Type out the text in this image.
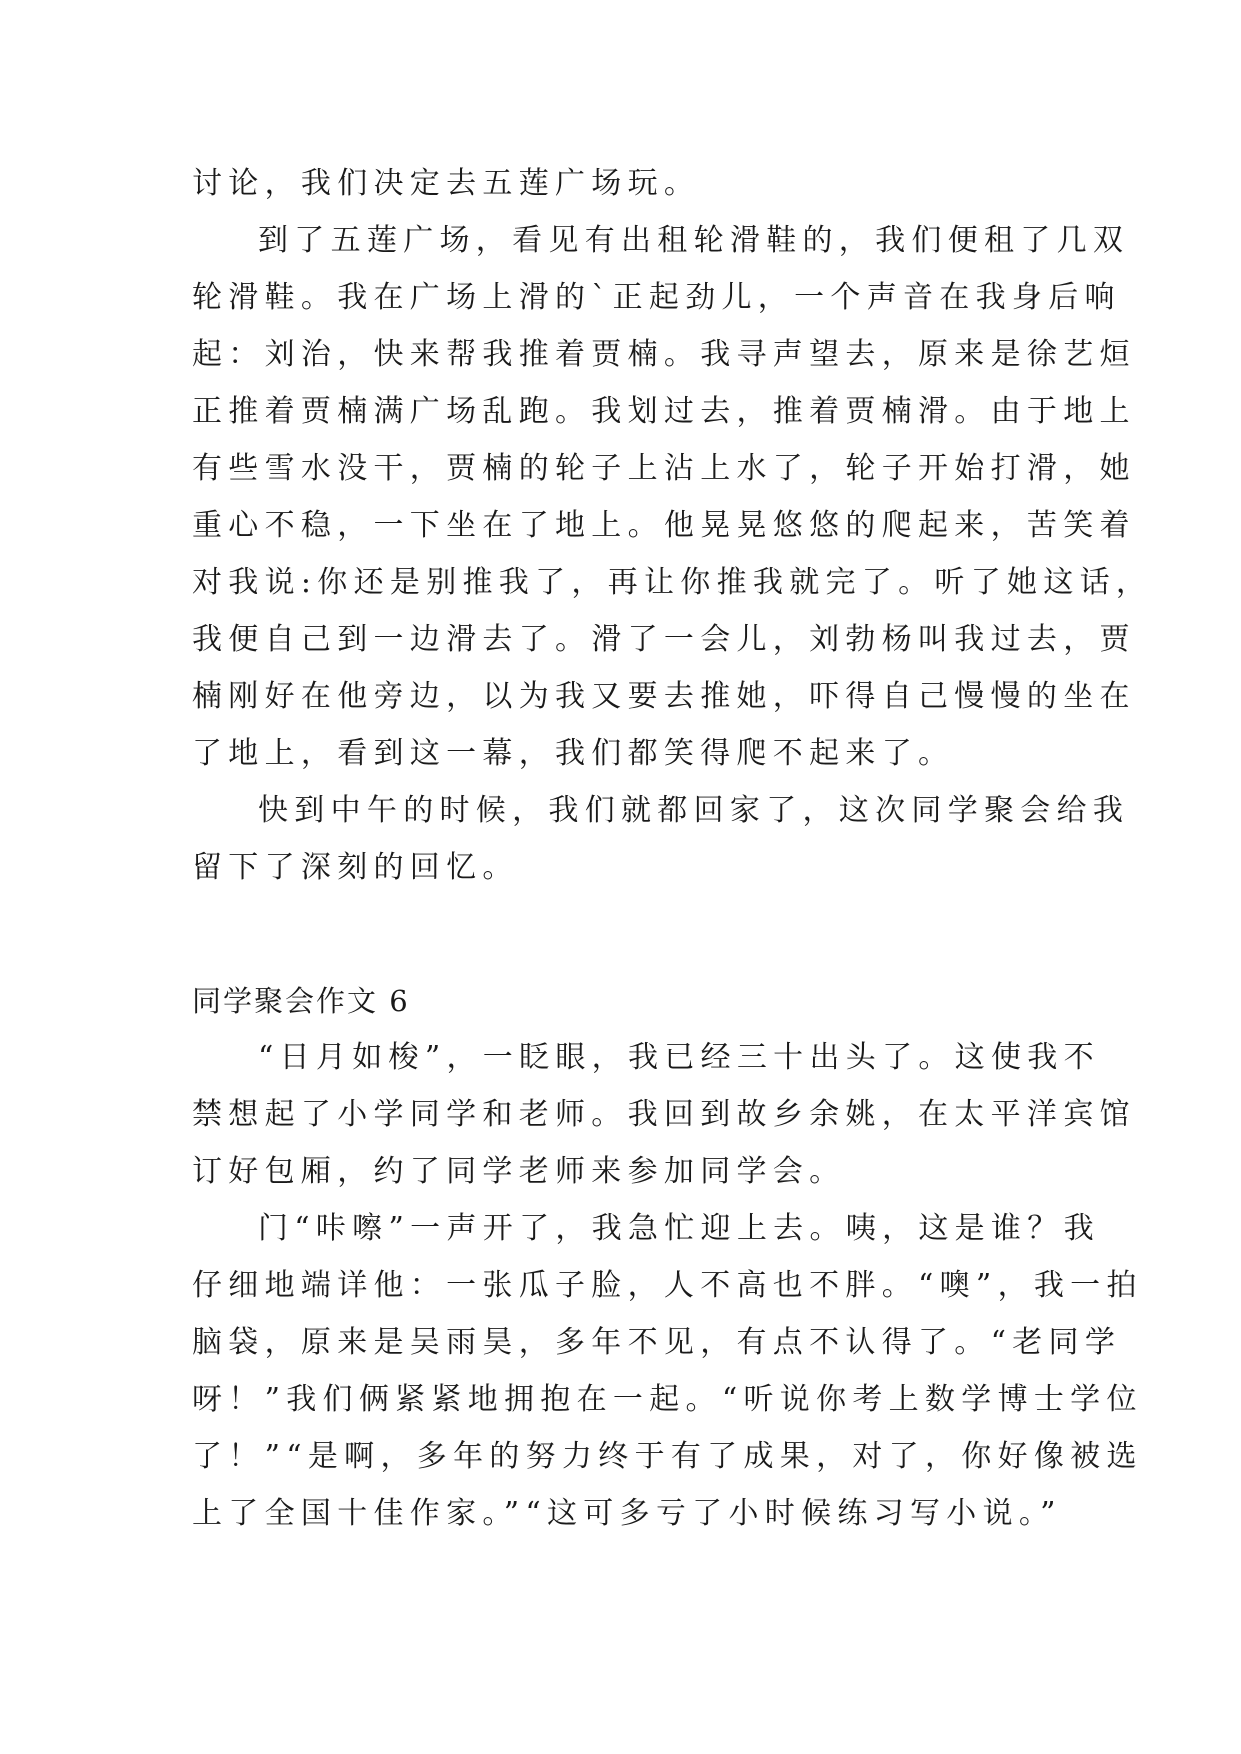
讨论，我们决定去五莲广场玩。
到了五莲广场，看见有出租轮滑鞋的，我们便租了几双
轮滑鞋。我在广场上滑的`正起劲儿，一个声音在我身后响
起：刘治，快来帮我推着贾楠。我寻声望去，原来是徐艺烜
正推着贾楠满广场乱跑。我划过去，推着贾楠滑。由于地上
有些雪水没干，贾楠的轮子上沾上水了，轮子开始打滑，她
重心不稳，一下坐在了地上。他晃晃悠悠的爬起来，苦笑着
对我说:你还是别推我了，再让你推我就完了。听了她这话，
我便自己到一边滑去了。滑了一会儿，刘勃杨叫我过去，贾
楠刚好在他旁边，以为我又要去推她，吓得自己慢慢的坐在
了地上，看到这一幕，我们都笑得爬不起来了。
快到中午的时候，我们就都回家了，这次同学聚会给我
留下了深刻的回忆。
同学聚会作文 6
“日月如梭”，一眨眼，我已经三十出头了。这使我不
禁想起了小学同学和老师。我回到故乡余姚，在太平洋宾馆
订好包厢，约了同学老师来参加同学会。
门“咔嚓”一声开了，我急忙迎上去。咦，这是谁？我
仔细地端详他：一张瓜子脸，人不高也不胖。“噢”，我一拍
脑袋，原来是吴雨昊，多年不见，有点不认得了。“老同学
呀！”我们俩紧紧地拥抱在一起。“听说你考上数学博士学位
了！”“是啊，多年的努力终于有了成果，对了，你好像被选
上了全国十佳作家。”“这可多亏了小时候练习写小说。”
